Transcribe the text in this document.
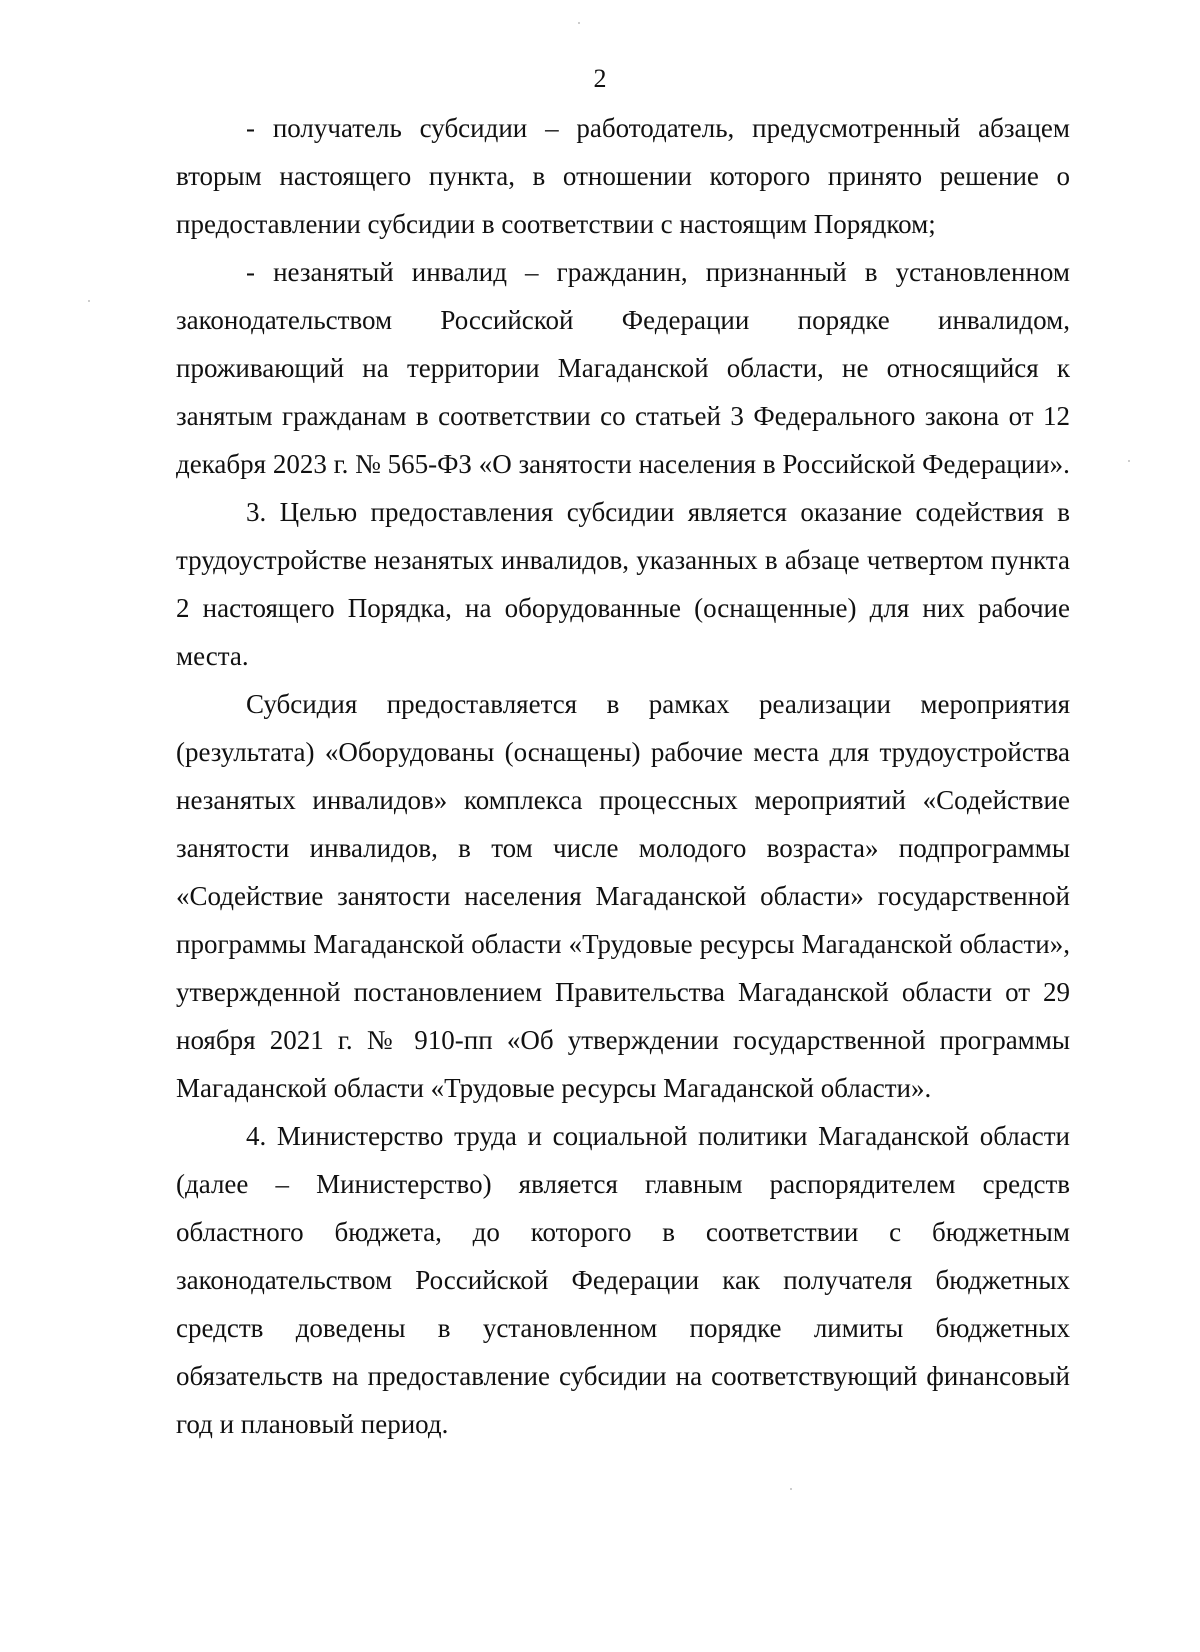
2

- получатель субсидии – работодатель, предусмотренный абзацем вторым настоящего пункта, в отношении которого принято решение о предоставлении субсидии в соответствии с настоящим Порядком;

- незанятый инвалид – гражданин, признанный в установленном законодательством Российской Федерации порядке инвалидом, проживающий на территории Магаданской области, не относящийся к занятым гражданам в соответствии со статьей 3 Федерального закона от 12 декабря 2023 г. № 565-ФЗ «О занятости населения в Российской Федерации».

3. Целью предоставления субсидии является оказание содействия в трудоустройстве незанятых инвалидов, указанных в абзаце четвертом пункта 2 настоящего Порядка, на оборудованные (оснащенные) для них рабочие места.

Субсидия предоставляется в рамках реализации мероприятия (результата) «Оборудованы (оснащены) рабочие места для трудоустройства незанятых инвалидов» комплекса процессных мероприятий «Содействие занятости инвалидов, в том числе молодого возраста» подпрограммы «Содействие занятости населения Магаданской области» государственной программы Магаданской области «Трудовые ресурсы Магаданской области», утвержденной постановлением Правительства Магаданской области от 29 ноября 2021 г. № 910-пп «Об утверждении государственной программы Магаданской области «Трудовые ресурсы Магаданской области».

4. Министерство труда и социальной политики Магаданской области (далее – Министерство) является главным распорядителем средств областного бюджета, до которого в соответствии с бюджетным законодательством Российской Федерации как получателя бюджетных средств доведены в установленном порядке лимиты бюджетных обязательств на предоставление субсидии на соответствующий финансовый год и плановый период.
